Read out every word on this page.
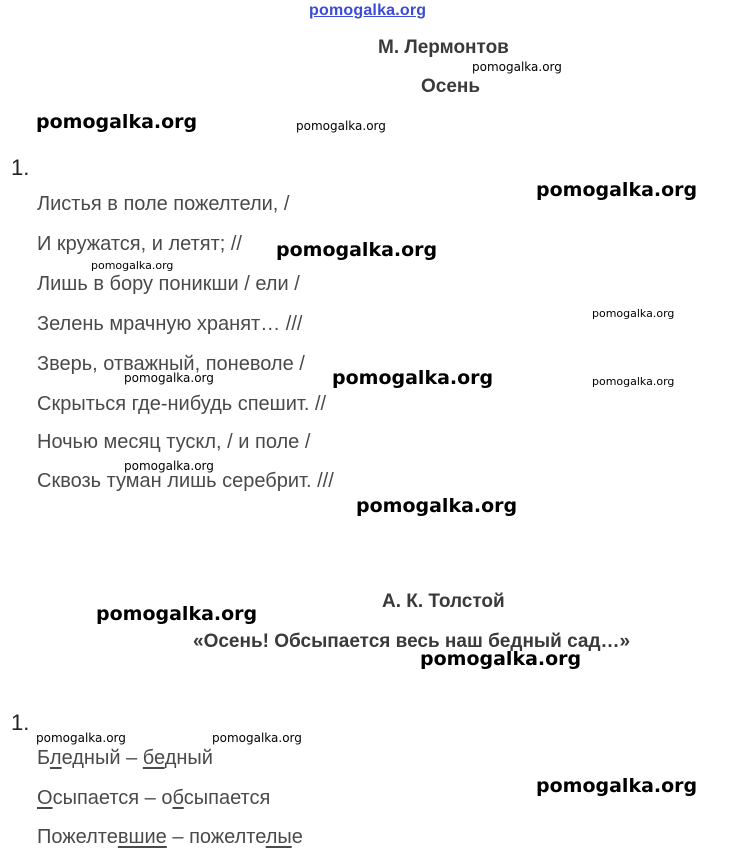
pomogalka.org
М. Лермонтов
Осень
1.
Листья в поле пожелтели, /
И кружатся, и летят; //
Лишь в бору поникши / ели /
Зелень мрачную хранят… ///
Зверь, отважный, поневоле /
Скрыться где-нибудь спешит. //
Ночью месяц тускл, / и поле /
Сквозь туман лишь серебрит. ///
А. К. Толстой
«Осень! Обсыпается весь наш бедный сад…»
1.
Бледный – бедный
Осыпается – обсыпается
Пожелтевшие – пожелтелые
pomogalka.org
pomogalka.org	pomogalka.org
pomogalka.org
pomogalka.org
pomogalka.org
pomogalka.org
pomogalka.org	pomogalka.org	pomogalka.org
pomogalka.org
pomogalka.org
pomogalka.org
pomogalka.org
pomogalka.org	pomogalka.org
pomogalka.org
